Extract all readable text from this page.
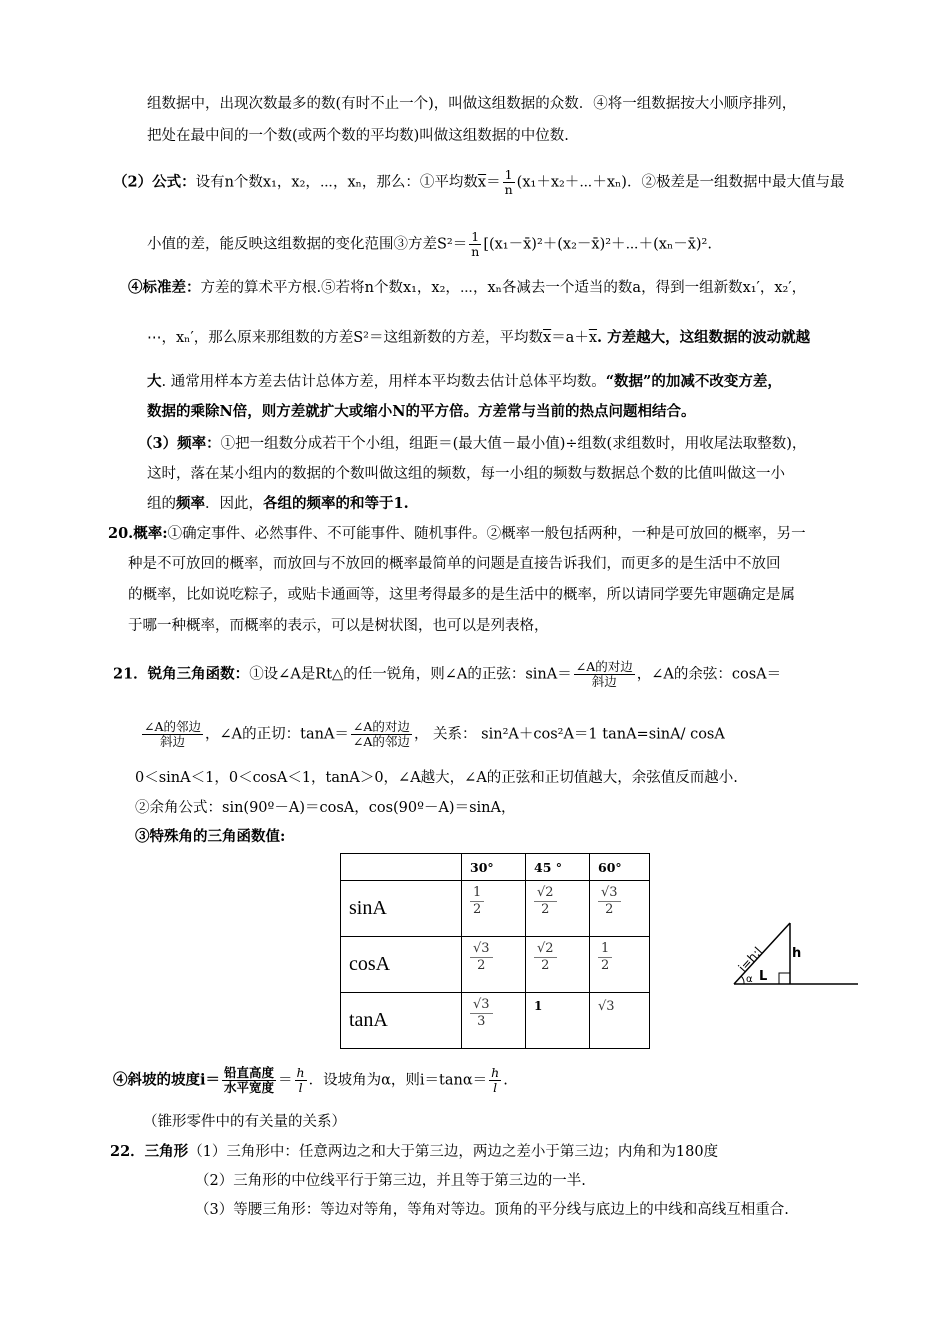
组数据中，出现次数最多的数(有时不止一个)，叫做这组数据的众数．④将一组数据按大小顺序排列，
把处在最中间的一个数(或两个数的平均数)叫做这组数据的中位数.
（2）公式：设有n个数x₁，x₂，⋯，xₙ，那么：①平均数$\overline{x}= \frac{1}{n}$ (x₁＋x₂＋⋯＋xₙ)．②极差是一组数据中最大值与最
小值的差，能反映这组数据的变化范围③方差$S^2= \frac{1}{n}$ [(x₁－x̄)²＋(x₂－x̄)²＋⋯＋(xₙ－x̄)².
④标准差：方差的算术平方根.⑤若将n个数x₁，x₂，⋯，xₙ各减去一个适当的数a，得到一组新数x₁′，x₂′，
⋯，xₙ′，那么原来那组数的方差S²＝这组新数的方差，平均数$\overline{x}=a+\overline{x}$. 方差越大，这组数据的波动就越
大. 通常用样本方差去估计总体方差，用样本平均数去估计总体平均数。“数据”的加减不改变方差，
数据的乘除N倍，则方差就扩大或缩小N的平方倍。方差常与当前的热点问题相结合。
（3）频率：①把一组数分成若干个小组，组距＝(最大值－最小值)÷组数(求组数时，用收尾法取整数)，
这时，落在某小组内的数据的个数叫做这组的频数，每一小组的频数与数据总个数的比值叫做这一小
组的频率．因此，各组的频率的和等于1.
20.概率:①确定事件、必然事件、不可能事件、随机事件。②概率一般包括两种，一种是可放回的概率，另一
种是不可放回的概率，而放回与不放回的概率最简单的问题是直接告诉我们，而更多的是生活中不放回
的概率，比如说吃粽子，或贴卡通画等，这里考得最多的是生活中的概率，所以请同学要先审题确定是属
于哪一种概率，而概率的表示，可以是树状图，也可以是列表格，
21．锐角三角函数：①设∠A是Rt△的任一锐角，则∠A的正弦：$\sin A= \frac{\text{∠A的对边}}{\text{斜边}}$ ，∠A的余弦：cosA＝
$\frac{\text{∠A的邻边}}{\text{斜边}}$ ，∠A的正切：$\tan A= \frac{\text{∠A的对边}}{\text{∠A的邻边}}$ ， 关系： sin²A＋cos²A＝1 tanA=sinA/ cosA
0＜sinA＜1，0＜cosA＜1，tanA＞0，∠A越大，∠A的正弦和正切值越大，余弦值反而越小.
②余角公式：sin(90º－A)＝cosA，cos(90º－A)＝sinA，
③特殊角的三角函数值:
	30°	45 °	60°
sinA	$\frac{1}{2}$	$\frac{√2}{2}$	$\frac{√3}{2}$

cosA	$\frac{√3}{2}$	$\frac{√2}{2}$	$\frac{1}{2}$

tanA	$\frac{√3}{3}$	1	√3
i=h:l h
L
α
④斜坡的坡度$i= \frac{\text{铅直高度}}{\text{水平宽度}} = \frac{h}{l}$ ．设坡角为α，则$i=\tan\alpha= \frac{h}{l}$ .
（锥形零件中的有关量的关系）
22．三角形（1）三角形中：任意两边之和大于第三边，两边之差小于第三边；内角和为180度
（2）三角形的中位线平行于第三边，并且等于第三边的一半.
（3）等腰三角形：等边对等角，等角对等边。顶角的平分线与底边上的中线和高线互相重合.
